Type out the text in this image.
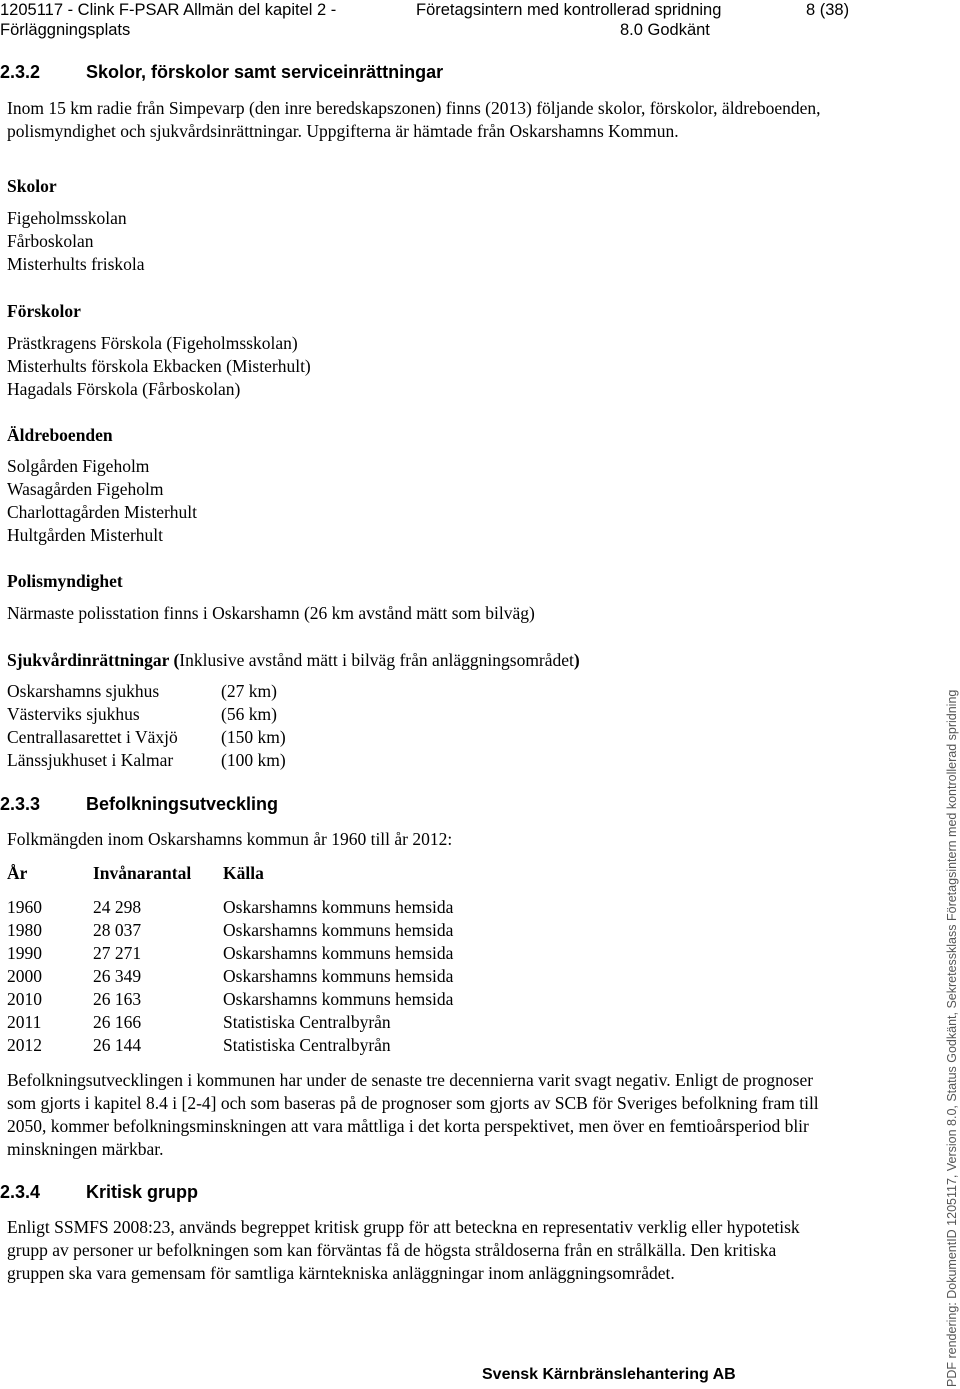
1205117 - Clink F-PSAR Allmän del kapitel 2 -
Förläggningsplats
Företagsintern med kontrollerad spridning
8.0 Godkänt
8 (38)
2.3.2	Skolor, förskolor samt serviceinrättningar

Inom 15 km radie från Simpevarp (den inre beredskapszonen) finns (2013) följande skolor, förskolor, äldreboenden, polismyndighet och sjukvårdsinrättningar. Uppgifterna är hämtade från Oskarshamns Kommun.

Skolor
Figeholmsskolan
Fårboskolan
Misterhults friskola
Förskolor
Prästkragens Förskola (Figeholmsskolan)
Misterhults förskola Ekbacken (Misterhult)
Hagadals Förskola (Fårboskolan)
Äldreboenden
Solgården Figeholm
Wasagården Figeholm
Charlottagården Misterhult
Hultgården Misterhult
Polismyndighet
Närmaste polisstation finns i Oskarshamn (26 km avstånd mätt som bilväg)
Sjukvårdinrättningar (Inklusive avstånd mätt i bilväg från anläggningsområdet)
Oskarshamns sjukhus	(27 km)
Västerviks sjukhus	(56 km)
Centrallasarettet i Växjö (150 km)
Länssjukhuset i Kalmar	(100 km)
2.3.3	Befolkningsutveckling
Folkmängden inom Oskarshamns kommun år 1960 till år 2012:
År	Invånarantal Källa
1960	24 298	Oskarshamns kommuns hemsida
1980	28 037	Oskarshamns kommuns hemsida
1990	27 271	Oskarshamns kommuns hemsida
2000	26 349	Oskarshamns kommuns hemsida
2010	26 163	Oskarshamns kommuns hemsida
2011	26 166	Statistiska Centralbyrån
2012	26 144	Statistiska Centralbyrån

Befolkningsutvecklingen i kommunen har under de senaste tre decennierna varit svagt negativ. Enligt de prognoser som gjorts i kapitel 8.4 i [2-4] och som baseras på de prognoser som gjorts av SCB för Sveriges befolkning fram till 2050, kommer befolkningsminskningen att vara måttliga i det korta perspektivet, men över en femtioårsperiod blir minskningen märkbar.

2.3.4	Kritisk grupp

Enligt SSMFS 2008:23, används begreppet kritisk grupp för att beteckna en representativ verklig eller hypotetisk grupp av personer ur befolkningen som kan förväntas få de högsta stråldoserna från en strålkälla. Den kritiska gruppen ska vara gemensam för samtliga kärntekniska anläggningar inom anläggningsområdet.

Svensk Kärnbränslehantering AB	PDF rendering: DokumentID 1205117, Version 8.0, Status Godkänt, Sekretessklass Företagsintern med kontrollerad spridning
